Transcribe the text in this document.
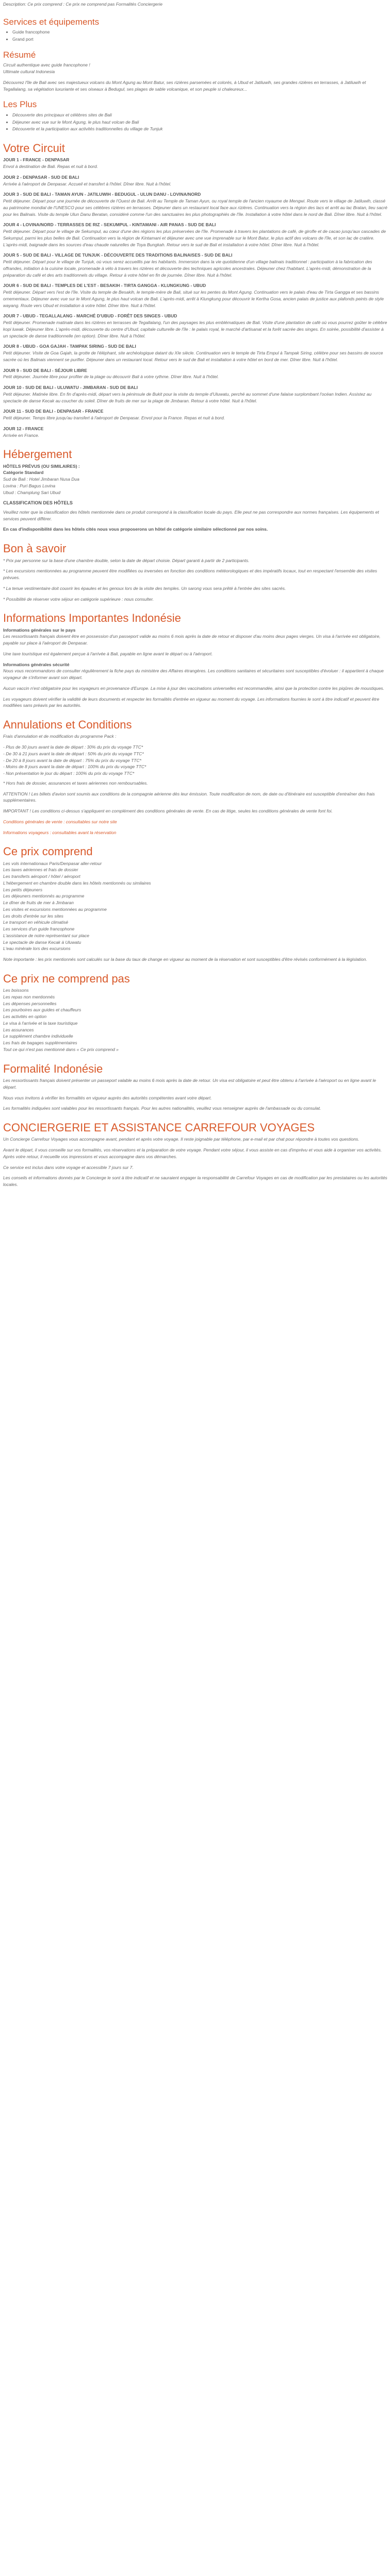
Description: Ce prix comprend : Ce prix ne comprend pas Formalités Conciergerie

Services et équipements
• Guide francophone
• Grand port
Résumé
Circuit authentique avec guide francophone !
Ultimate cultural Indonesia

Découvrez l'île de Bali avec ses majestueux volcans du Mont Agung au Mont Batur, ses rizières parsemées et colorés, à Ubud et Jatiluwih, ses grandes rizières en terrasses, à Jatiluwih et Tegallalang, sa végétation luxuriante et ses oiseaux à Bedugul, ses plages de sable volcanique, et son peuple si chaleureux...

Les Plus
• Découverte des principaux et célèbres sites de Bali
• Déjeuner avec vue sur le Mont Agung, le plus haut volcan de Bali
• Découverte et la participation aux activités traditionnelles du village de Tunjuk
Votre Circuit
JOUR 1 - FRANCE - DENPASAR
Envol à destination de Bali. Repas et nuit à bord.
JOUR 2 - DENPASAR - SUD DE BALI
Arrivée à l'aéroport de Denpasar. Accueil et transfert à l'hôtel. Dîner libre. Nuit à l'hôtel.
JOUR 3 - SUD DE BALI - TAMAN AYUN - JATILUWIH - BEDUGUL - ULUN DANU - LOVINA/NORD
Petit déjeuner. Départ pour une journée de découverte de l'Ouest de Bali. Arrêt au Temple de Taman Ayun, ou royal temple de l'ancien royaume de Mengwi. Route vers le village de Jatiluwih, classé au patrimoine mondial de l'UNESCO pour ses célèbres rizières en terrasses. Déjeuner dans un restaurant local face aux rizières. Continuation vers la région des lacs et arrêt au lac Bratan, lieu sacré pour les Balinais. Visite du temple Ulun Danu Beratan, considéré comme l'un des sanctuaires les plus photographiés de l'île. Installation à votre hôtel dans le nord de Bali. Dîner libre. Nuit à l'hôtel.
JOUR 4 - LOVINA/NORD - TERRASSES DE RIZ - SEKUMPUL - KINTAMANI - AIR PANAS - SUD DE BALI
Petit déjeuner. Départ pour le village de Sekumpul, au cœur d'une des régions les plus préservées de l'île. Promenade à travers les plantations de café, de girofle et de cacao jusqu'aux cascades de Sekumpul, parmi les plus belles de Bali. Continuation vers la région de Kintamani et déjeuner avec une vue imprenable sur le Mont Batur, le plus actif des volcans de l'île, et son lac de cratère. L'après-midi, baignade dans les sources d'eau chaude naturelles de Toya Bungkah. Retour vers le sud de Bali et installation à votre hôtel. Dîner libre. Nuit à l'hôtel.
JOUR 5 - SUD DE BALI - VILLAGE DE TUNJUK - DÉCOUVERTE DES TRADITIONS BALINAISES - SUD DE BALI
Petit déjeuner. Départ pour le village de Tunjuk, où vous serez accueillis par les habitants. Immersion dans la vie quotidienne d'un village balinais traditionnel : participation à la fabrication des offrandes, initiation à la cuisine locale, promenade à vélo à travers les rizières et découverte des techniques agricoles ancestrales. Déjeuner chez l'habitant. L'après-midi, démonstration de la préparation du café et des arts traditionnels du village. Retour à votre hôtel en fin de journée. Dîner libre. Nuit à l'hôtel.
JOUR 6 - SUD DE BALI - TEMPLES DE L'EST - BESAKIH - TIRTA GANGGA - KLUNGKUNG - UBUD
Petit déjeuner. Départ vers l'est de l'île. Visite du temple de Besakih, le temple-mère de Bali, situé sur les pentes du Mont Agung. Continuation vers le palais d'eau de Tirta Gangga et ses bassins ornementaux. Déjeuner avec vue sur le Mont Agung, le plus haut volcan de Bali. L'après-midi, arrêt à Klungkung pour découvrir le Kertha Gosa, ancien palais de justice aux plafonds peints de style wayang. Route vers Ubud et installation à votre hôtel. Dîner libre. Nuit à l'hôtel.
JOUR 7 - UBUD - TEGALLALANG - MARCHÉ D'UBUD - FORÊT DES SINGES - UBUD
Petit déjeuner. Promenade matinale dans les rizières en terrasses de Tegallalang, l'un des paysages les plus emblématiques de Bali. Visite d'une plantation de café où vous pourrez goûter le célèbre kopi luwak. Déjeuner libre. L'après-midi, découverte du centre d'Ubud, capitale culturelle de l'île : le palais royal, le marché d'artisanat et la forêt sacrée des singes. En soirée, possibilité d'assister à un spectacle de danse traditionnelle (en option). Dîner libre. Nuit à l'hôtel.
JOUR 8 - UBUD - GOA GAJAH - TAMPAK SIRING - SUD DE BALI
Petit déjeuner. Visite de Goa Gajah, la grotte de l'éléphant, site archéologique datant du XIe siècle. Continuation vers le temple de Tirta Empul à Tampak Siring, célèbre pour ses bassins de source sacrée où les Balinais viennent se purifier. Déjeuner dans un restaurant local. Retour vers le sud de Bali et installation à votre hôtel en bord de mer. Dîner libre. Nuit à l'hôtel.
JOUR 9 - SUD DE BALI - SÉJOUR LIBRE
Petit déjeuner. Journée libre pour profiter de la plage ou découvrir Bali à votre rythme. Dîner libre. Nuit à l'hôtel.
JOUR 10 - SUD DE BALI - ULUWATU - JIMBARAN - SUD DE BALI
Petit déjeuner. Matinée libre. En fin d'après-midi, départ vers la péninsule de Bukit pour la visite du temple d'Uluwatu, perché au sommet d'une falaise surplombant l'océan Indien. Assistez au spectacle de danse Kecak au coucher du soleil. Dîner de fruits de mer sur la plage de Jimbaran. Retour à votre hôtel. Nuit à l'hôtel.
JOUR 11 - SUD DE BALI - DENPASAR - FRANCE
Petit déjeuner. Temps libre jusqu'au transfert à l'aéroport de Denpasar. Envol pour la France. Repas et nuit à bord.
JOUR 12 - FRANCE
Arrivée en France.
Hébergement
HÔTELS PRÉVUS (OU SIMILAIRES) :
Catégorie Standard
Sud de Bali : Hotel Jimbaran Nusa Dua
Lovina : Puri Bagus Lovina
Ubud : Champlung Sari Ubud
CLASSIFICATION DES HÔTELS

Veuillez noter que la classification des hôtels mentionnée dans ce produit correspond à la classification locale du pays. Elle peut ne pas correspondre aux normes françaises. Les équipements et services peuvent différer.

En cas d'indisponibilité dans les hôtels cités nous vous proposerons un hôtel de catégorie similaire sélectionné par nos soins.

Bon à savoir

* Prix par personne sur la base d'une chambre double, selon la date de départ choisie. Départ garanti à partir de 2 participants.

* Les excursions mentionnées au programme peuvent être modifiées ou inversées en fonction des conditions météorologiques et des impératifs locaux, tout en respectant l'ensemble des visites prévues.

* La tenue vestimentaire doit couvrir les épaules et les genoux lors de la visite des temples. Un sarong vous sera prêté à l'entrée des sites sacrés.

* Possibilité de réserver votre séjour en catégorie supérieure : nous consulter.

Informations Importantes Indonésie
Informations générales sur le pays

Les ressortissants français doivent être en possession d'un passeport valide au moins 6 mois après la date de retour et disposer d'au moins deux pages vierges. Un visa à l'arrivée est obligatoire, payable sur place à l'aéroport de Denpasar.

Une taxe touristique est également perçue à l'arrivée à Bali, payable en ligne avant le départ ou à l'aéroport.

Informations générales sécurité

Nous vous recommandons de consulter régulièrement la fiche pays du ministère des Affaires étrangères. Les conditions sanitaires et sécuritaires sont susceptibles d'évoluer : il appartient à chaque voyageur de s'informer avant son départ.

Aucun vaccin n'est obligatoire pour les voyageurs en provenance d'Europe. La mise à jour des vaccinations universelles est recommandée, ainsi que la protection contre les piqûres de moustiques.

Les voyageurs doivent vérifier la validité de leurs documents et respecter les formalités d'entrée en vigueur au moment du voyage. Les informations fournies le sont à titre indicatif et peuvent être modifiées sans préavis par les autorités.

Annulations et Conditions

Frais d'annulation et de modification du programme Pack :

- Plus de 30 jours avant la date de départ : 30% du prix du voyage TTC*
- De 30 à 21 jours avant la date de départ : 50% du prix du voyage TTC*
- De 20 à 8 jours avant la date de départ : 75% du prix du voyage TTC*
- Moins de 8 jours avant la date de départ : 100% du prix du voyage TTC*
- Non présentation le jour du départ : 100% du prix du voyage TTC*

* Hors frais de dossier, assurances et taxes aériennes non remboursables.

ATTENTION ! Les billets d'avion sont soumis aux conditions de la compagnie aérienne dès leur émission. Toute modification de nom, de date ou d'itinéraire est susceptible d'entraîner des frais supplémentaires.

IMPORTANT ! Les conditions ci-dessus s'appliquent en complément des conditions générales de vente. En cas de litige, seules les conditions générales de vente font foi.

Conditions générales de vente : consultables sur notre site

Informations voyageurs : consultables avant la réservation

Ce prix comprend
Les vols internationaux Paris/Denpasar aller-retour
Les taxes aériennes et frais de dossier
Les transferts aéroport / hôtel / aéroport
L'hébergement en chambre double dans les hôtels mentionnés ou similaires
Les petits déjeuners
Les déjeuners mentionnés au programme
Le dîner de fruits de mer à Jimbaran
Les visites et excursions mentionnées au programme
Les droits d'entrée sur les sites
Le transport en véhicule climatisé
Les services d'un guide francophone
L'assistance de notre représentant sur place
Le spectacle de danse Kecak à Uluwatu
L'eau minérale lors des excursions

Note importante : les prix mentionnés sont calculés sur la base du taux de change en vigueur au moment de la réservation et sont susceptibles d'être révisés conformément à la législation.

Ce prix ne comprend pas
Les boissons
Les repas non mentionnés
Les dépenses personnelles
Les pourboires aux guides et chauffeurs
Les activités en option
Le visa à l'arrivée et la taxe touristique
Les assurances
Le supplément chambre individuelle
Les frais de bagages supplémentaires
Tout ce qui n'est pas mentionné dans « Ce prix comprend »
Formalité Indonésie

Les ressortissants français doivent présenter un passeport valable au moins 6 mois après la date de retour. Un visa est obligatoire et peut être obtenu à l'arrivée à l'aéroport ou en ligne avant le départ.

Nous vous invitons à vérifier les formalités en vigueur auprès des autorités compétentes avant votre départ.

Les formalités indiquées sont valables pour les ressortissants français. Pour les autres nationalités, veuillez vous renseigner auprès de l'ambassade ou du consulat.

CONCIERGERIE ET ASSISTANCE CARREFOUR VOYAGES

Un Concierge Carrefour Voyages vous accompagne avant, pendant et après votre voyage. Il reste joignable par téléphone, par e-mail et par chat pour répondre à toutes vos questions.

Avant le départ, il vous conseille sur vos formalités, vos réservations et la préparation de votre voyage. Pendant votre séjour, il vous assiste en cas d'imprévu et vous aide à organiser vos activités. Après votre retour, il recueille vos impressions et vous accompagne dans vos démarches.

Ce service est inclus dans votre voyage et accessible 7 jours sur 7.

Les conseils et informations donnés par le Concierge le sont à titre indicatif et ne sauraient engager la responsabilité de Carrefour Voyages en cas de modification par les prestataires ou les autorités locales.
